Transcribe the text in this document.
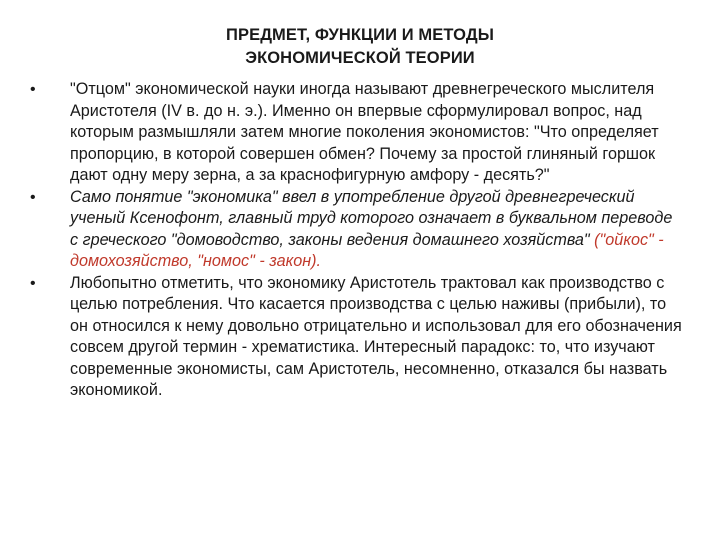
ПРЕДМЕТ, ФУНКЦИИ И МЕТОДЫ
ЭКОНОМИЧЕСКОЙ ТЕОРИИ
•	"Отцом" экономической науки иногда называют древнегреческого мыслителя Аристотеля (IV в. до н. э.). Именно он впервые сформулировал вопрос, над которым размышляли затем многие поколения экономистов: "Что определяет пропорцию, в которой совершен обмен? Почему за простой глиняный горшок дают одну меру зерна, а за краснофигурную амфору - десять?"
•	Само понятие "экономика" ввел в употребление другой древнегреческий ученый Ксенофонт, главный труд которого означает в буквальном переводе с греческого "домоводство, законы ведения домашнего хозяйства" ("ойкос" - домохозяйство, "номос" - закон).
•	Любопытно отметить, что экономику Аристотель трактовал как производство с целью потребления. Что касается производства с целью наживы (прибыли), то он относился к нему довольно отрицательно и использовал для его обозначения совсем другой термин - хрематистика. Интересный парадокс: то, что изучают современные экономисты, сам Аристотель, несомненно, отказался бы назвать экономикой.
